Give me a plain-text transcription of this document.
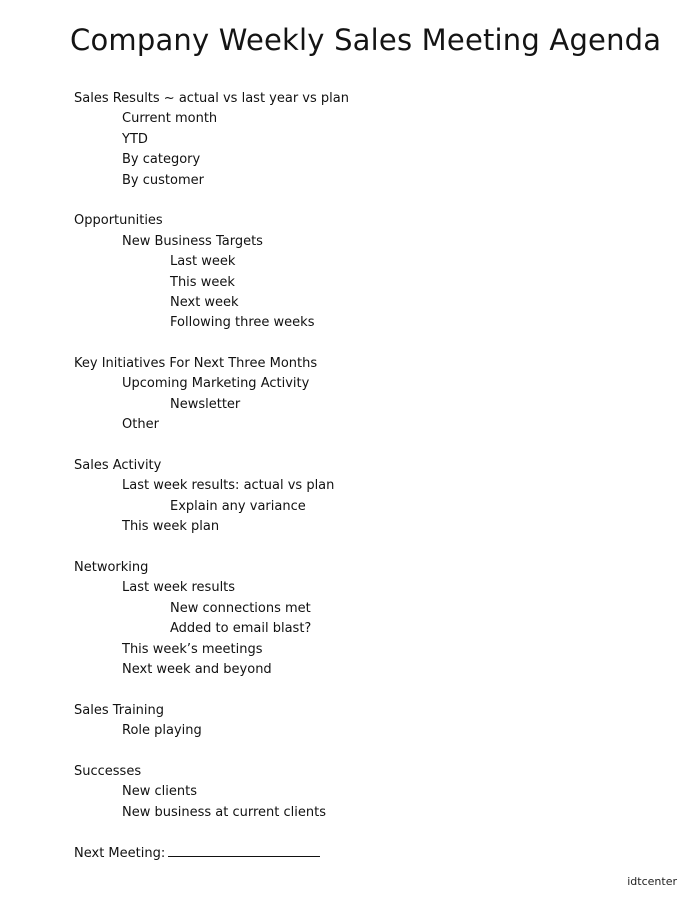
Company Weekly Sales Meeting Agenda
Sales Results ~ actual vs last year vs plan
Current month
YTD
By category
By customer
Opportunities
New Business Targets
Last week
This week
Next week
Following three weeks
Key Initiatives For Next Three Months
Upcoming Marketing Activity
Newsletter
Other
Sales Activity
Last week results: actual vs plan
Explain any variance
This week plan
Networking
Last week results
New connections met
Added to email blast?
This week’s meetings
Next week and beyond
Sales Training
Role playing
Successes
New clients
New business at current clients
Next Meeting:
idtcenter
